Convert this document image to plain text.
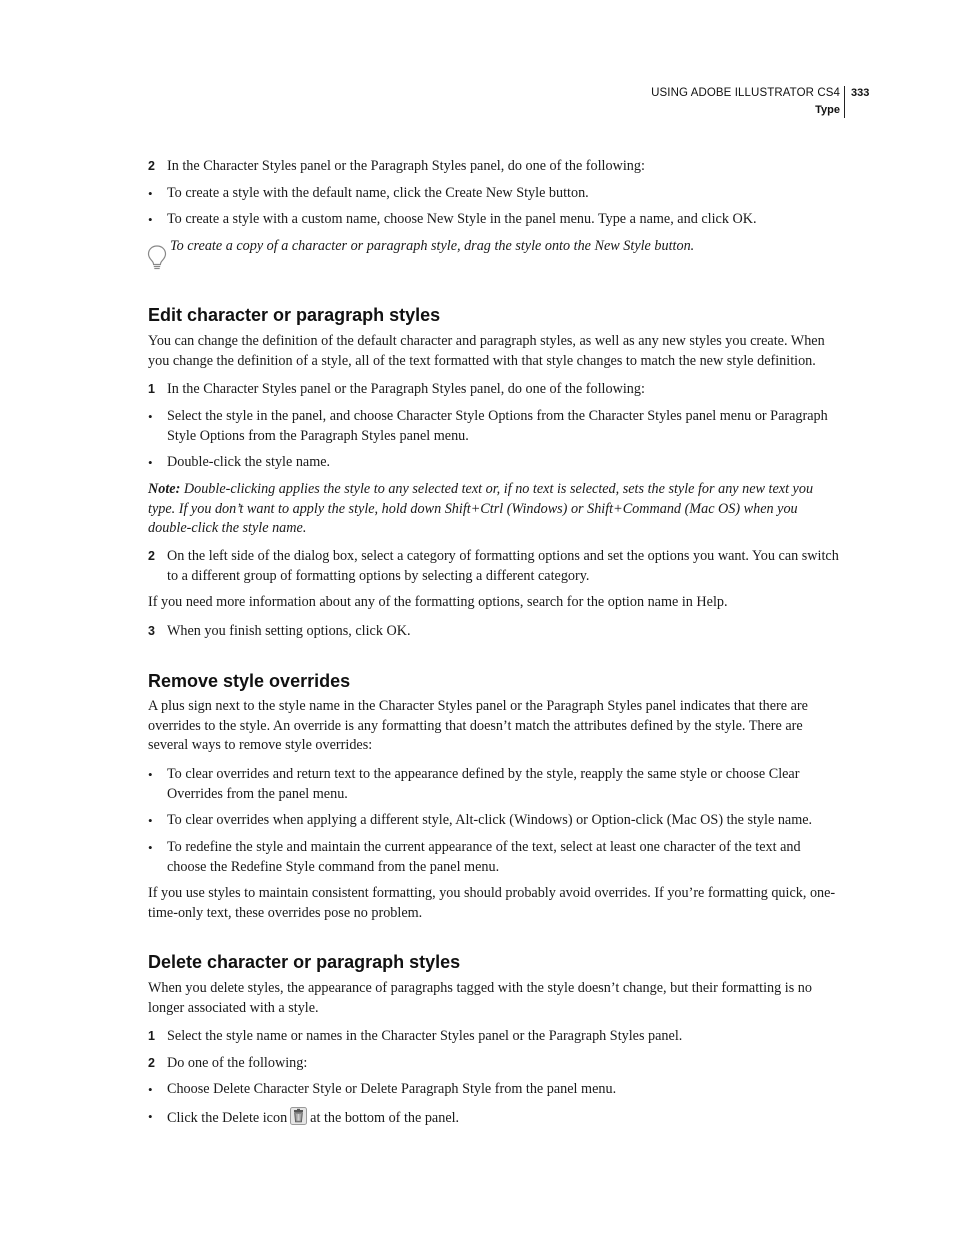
USING ADOBE ILLUSTRATOR CS4
Type
333
2 In the Character Styles panel or the Paragraph Styles panel, do one of the following:
• To create a style with the default name, click the Create New Style button.
• To create a style with a custom name, choose New Style in the panel menu. Type a name, and click OK.
To create a copy of a character or paragraph style, drag the style onto the New Style button.
Edit character or paragraph styles
You can change the definition of the default character and paragraph styles, as well as any new styles you create. When you change the definition of a style, all of the text formatted with that style changes to match the new style definition.
1 In the Character Styles panel or the Paragraph Styles panel, do one of the following:
• Select the style in the panel, and choose Character Style Options from the Character Styles panel menu or Paragraph Style Options from the Paragraph Styles panel menu.
• Double-click the style name.
Note: Double-clicking applies the style to any selected text or, if no text is selected, sets the style for any new text you type. If you don’t want to apply the style, hold down Shift+Ctrl (Windows) or Shift+Command (Mac OS) when you double-click the style name.
2 On the left side of the dialog box, select a category of formatting options and set the options you want. You can switch to a different group of formatting options by selecting a different category.
If you need more information about any of the formatting options, search for the option name in Help.
3 When you finish setting options, click OK.
Remove style overrides
A plus sign next to the style name in the Character Styles panel or the Paragraph Styles panel indicates that there are overrides to the style. An override is any formatting that doesn’t match the attributes defined by the style. There are several ways to remove style overrides:
• To clear overrides and return text to the appearance defined by the style, reapply the same style or choose Clear Overrides from the panel menu.
• To clear overrides when applying a different style, Alt-click (Windows) or Option-click (Mac OS) the style name.
• To redefine the style and maintain the current appearance of the text, select at least one character of the text and choose the Redefine Style command from the panel menu.
If you use styles to maintain consistent formatting, you should probably avoid overrides. If you’re formatting quick, one-time-only text, these overrides pose no problem.
Delete character or paragraph styles
When you delete styles, the appearance of paragraphs tagged with the style doesn’t change, but their formatting is no longer associated with a style.
1 Select the style name or names in the Character Styles panel or the Paragraph Styles panel.
2 Do one of the following:
• Choose Delete Character Style or Delete Paragraph Style from the panel menu.
• Click the Delete icon at the bottom of the panel.
